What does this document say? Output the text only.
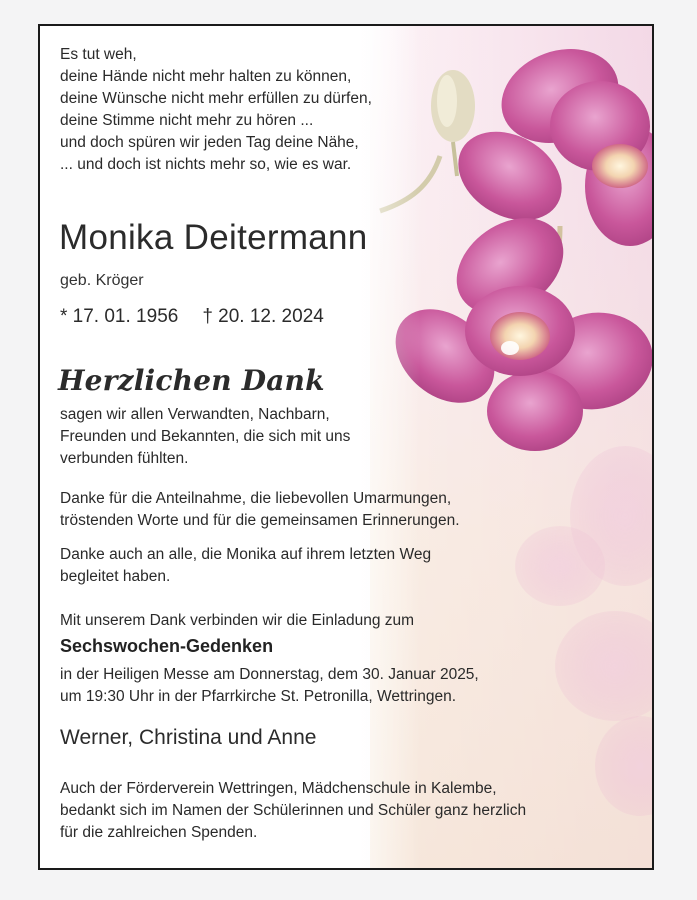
Es tut weh,
deine Hände nicht mehr halten zu können,
deine Wünsche nicht mehr erfüllen zu dürfen,
deine Stimme nicht mehr zu hören ...
und doch spüren wir jeden Tag deine Nähe,
... und doch ist nichts mehr so, wie es war.
Monika Deitermann
geb. Kröger
* 17. 01. 1956 † 20. 12. 2024
Herzlichen Dank
sagen wir allen Verwandten, Nachbarn,
Freunden und Bekannten, die sich mit uns
verbunden fühlten.
Danke für die Anteilnahme, die liebevollen Umarmungen,
tröstenden Worte und für die gemeinsamen Erinnerungen.
Danke auch an alle, die Monika auf ihrem letzten Weg
begleitet haben.
Mit unserem Dank verbinden wir die Einladung zum
Sechswochen-Gedenken
in der Heiligen Messe am Donnerstag, dem 30. Januar 2025,
um 19:30 Uhr in der Pfarrkirche St. Petronilla, Wettringen.
Werner, Christina und Anne
Auch der Förderverein Wettringen, Mädchenschule in Kalembe,
bedankt sich im Namen der Schülerinnen und Schüler ganz herzlich
für die zahlreichen Spenden.
